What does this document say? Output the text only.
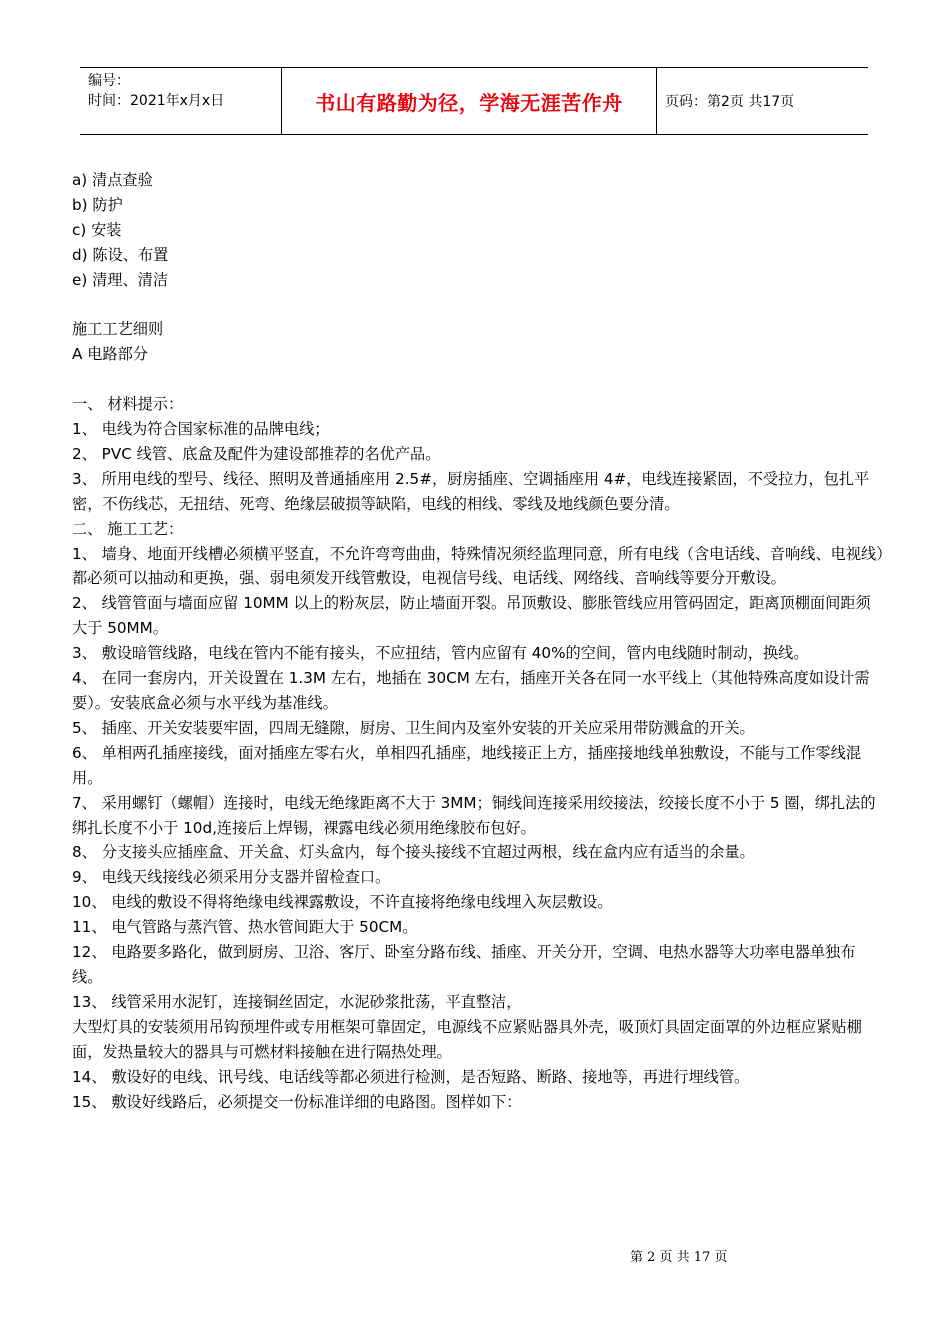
编号：
时间：2021年x月x日	书山有路勤为径，学海无涯苦作舟	页码：第2页 共17页

a) 清点查验

b) 防护

c) 安装

d) 陈设、布置

e) 清理、清洁

施工工艺细则

A 电路部分

一、 材料提示：

1、 电线为符合国家标准的品牌电线；

2、 PVC 线管、底盒及配件为建设部推荐的名优产品。

3、 所用电线的型号、线径、照明及普通插座用 2.5#，厨房插座、空调插座用 4#，电线连接紧固，不受拉力，包扎平密，不伤线芯，无扭结、死弯、绝缘层破损等缺陷，电线的相线、零线及地线颜色要分清。

二、 施工工艺：

1、 墙身、地面开线槽必须横平竖直，不允许弯弯曲曲，特殊情况须经监理同意，所有电线（含电话线、音响线、电视线）都必须可以抽动和更换，强、弱电须发开线管敷设，电视信号线、电话线、网络线、音响线等要分开敷设。

2、 线管管面与墙面应留 10MM 以上的粉灰层，防止墙面开裂。吊顶敷设、膨胀管线应用管码固定，距离顶棚面间距须大于 50MM。

3、 敷设暗管线路，电线在管内不能有接头，不应扭结，管内应留有 40%的空间，管内电线随时制动，换线。

4、 在同一套房内，开关设置在 1.3M 左右，地插在 30CM 左右，插座开关各在同一水平线上（其他特殊高度如设计需要）。安装底盒必须与水平线为基准线。

5、 插座、开关安装要牢固，四周无缝隙，厨房、卫生间内及室外安装的开关应采用带防溅盒的开关。

6、 单相两孔插座接线，面对插座左零右火，单相四孔插座，地线接正上方，插座接地线单独敷设，不能与工作零线混用。

7、 采用螺钉（螺帽）连接时，电线无绝缘距离不大于 3MM；铜线间连接采用绞接法，绞接长度不小于 5 圈，绑扎法的绑扎长度不小于 10d,连接后上焊锡，裸露电线必须用绝缘胶布包好。

8、 分支接头应插座盒、开关盒、灯头盒内，每个接头接线不宜超过两根，线在盒内应有适当的余量。

9、 电线天线接线必须采用分支器并留检查口。

10、 电线的敷设不得将绝缘电线裸露敷设，不许直接将绝缘电线埋入灰层敷设。

11、 电气管路与蒸汽管、热水管间距大于 50CM。

12、 电路要多路化，做到厨房、卫浴、客厅、卧室分路布线、插座、开关分开，空调、电热水器等大功率电器单独布线。

13、 线管采用水泥钉，连接铜丝固定，水泥砂浆批荡，平直整洁，

大型灯具的安装须用吊钩预埋件或专用框架可靠固定，电源线不应紧贴器具外壳，吸顶灯具固定面罩的外边框应紧贴棚面，发热量较大的器具与可燃材料接触在进行隔热处理。

14、 敷设好的电线、讯号线、电话线等都必须进行检测，是否短路、断路、接地等，再进行埋线管。

15、 敷设好线路后，必须提交一份标准详细的电路图。图样如下：

第 2 页 共 17 页
